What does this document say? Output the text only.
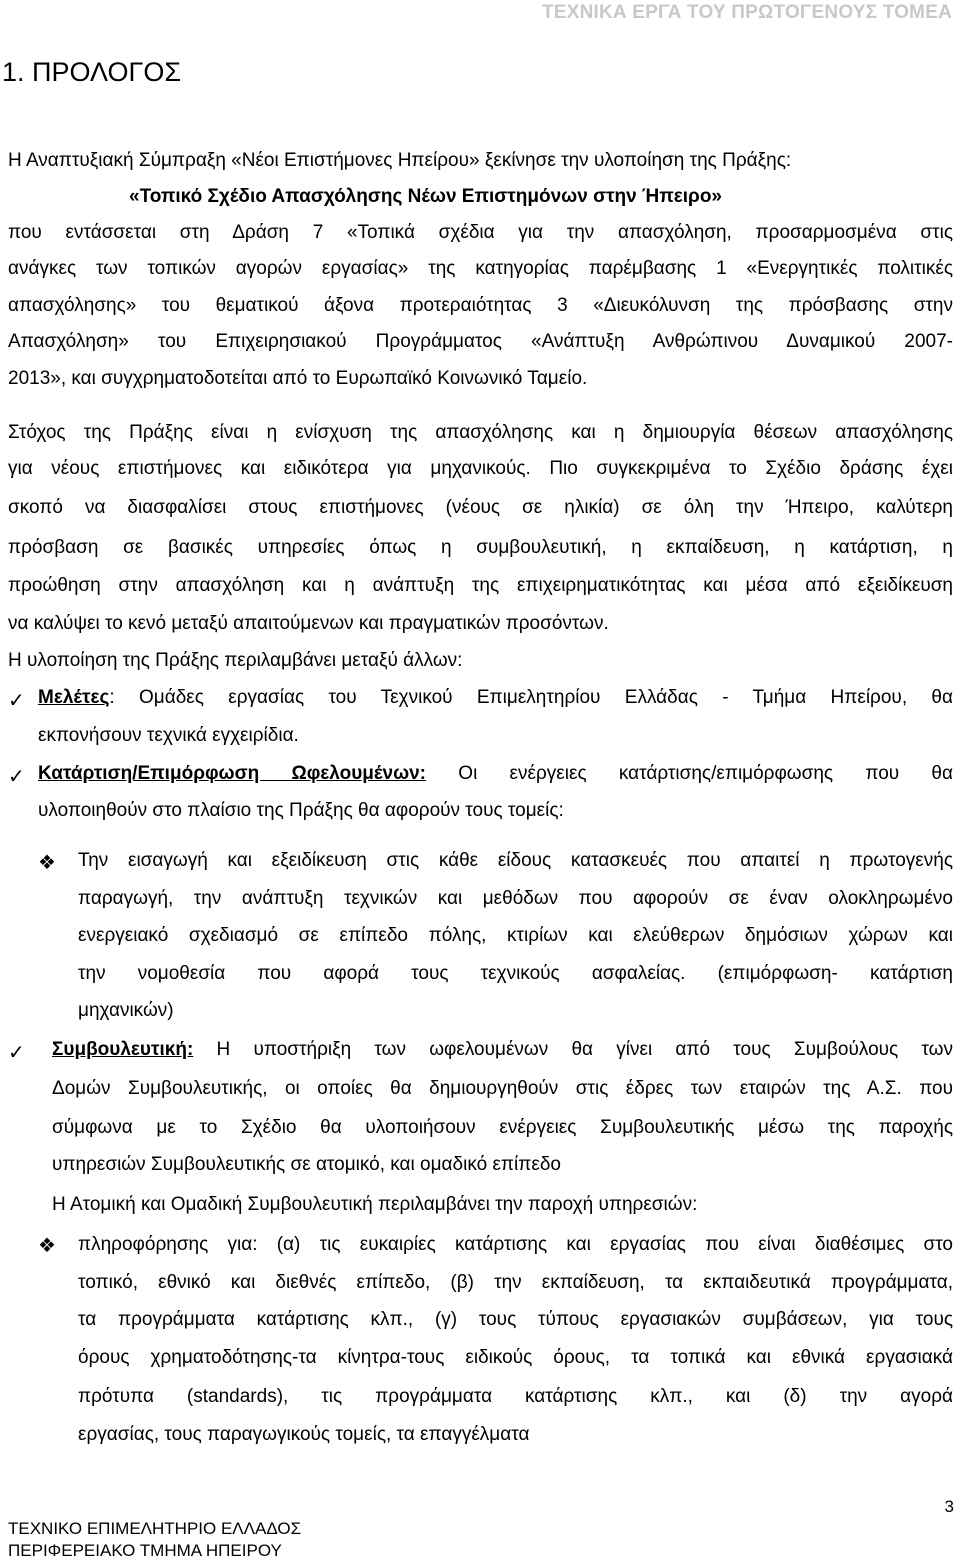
ΤΕΧΝΙΚΑ ΕΡΓΑ ΤΟΥ ΠΡΩΤΟΓΕΝΟΥΣ ΤΟΜΕΑ
1. ΠΡΟΛΟΓΟΣ
Η Αναπτυξιακή Σύμπραξη «Νέοι Επιστήμονες Ηπείρου» ξεκίνησε την υλοποίηση της Πράξης:
«Τοπικό Σχέδιο Απασχόλησης Νέων Επιστημόνων στην Ήπειρο»
που εντάσσεται στη Δράση 7 «Τοπικά σχέδια για την απασχόληση, προσαρμοσμένα στις
ανάγκες των τοπικών αγορών εργασίας» της κατηγορίας παρέμβασης 1 «Ενεργητικές πολιτικές
απασχόλησης» του θεματικού άξονα προτεραιότητας 3 «Διευκόλυνση της πρόσβασης στην
Απασχόληση» του Επιχειρησιακού Προγράμματος «Ανάπτυξη Ανθρώπινου Δυναμικού 2007-
2013», και συγχρηματοδοτείται από το Ευρωπαϊκό Κοινωνικό Ταμείο.
Στόχος της Πράξης είναι η ενίσχυση της απασχόλησης και η δημιουργία θέσεων απασχόλησης
για νέους επιστήμονες και ειδικότερα για μηχανικούς. Πιο συγκεκριμένα το Σχέδιο δράσης έχει
σκοπό να διασφαλίσει στους επιστήμονες (νέους σε ηλικία) σε όλη την Ήπειρο, καλύτερη
πρόσβαση σε βασικές υπηρεσίες όπως η συμβουλευτική, η εκπαίδευση, η κατάρτιση, η
προώθηση στην απασχόληση και η ανάπτυξη της επιχειρηματικότητας και μέσα από εξειδίκευση
να καλύψει το κενό μεταξύ απαιτούμενων και πραγματικών προσόντων.
Η υλοποίηση της Πράξης περιλαμβάνει μεταξύ άλλων:
✓ Μελέτες: Ομάδες εργασίας του Τεχνικού Επιμελητηρίου Ελλάδας - Τμήμα Ηπείρου, θα
εκπονήσουν τεχνικά εγχειρίδια.
✓ Κατάρτιση/Επιμόρφωση Ωφελουμένων: Οι ενέργειες κατάρτισης/επιμόρφωσης που θα
υλοποιηθούν στο πλαίσιο της Πράξης θα αφορούν τους τομείς:
❖ Την εισαγωγή και εξειδίκευση στις κάθε είδους κατασκευές που απαιτεί η πρωτογενής
παραγωγή, την ανάπτυξη τεχνικών και μεθόδων που αφορούν σε έναν ολοκληρωμένο
ενεργειακό σχεδιασμό σε επίπεδο πόλης, κτιρίων και ελεύθερων δημόσιων χώρων και
την νομοθεσία που αφορά τους τεχνικούς ασφαλείας. (επιμόρφωση- κατάρτιση
μηχανικών)
✓ Συμβουλευτική: Η υποστήριξη των ωφελουμένων θα γίνει από τους Συμβούλους των
Δομών Συμβουλευτικής, οι οποίες θα δημιουργηθούν στις έδρες των εταιρών της Α.Σ. που
σύμφωνα με το Σχέδιο θα υλοποιήσουν ενέργειες Συμβουλευτικής μέσω της παροχής
υπηρεσιών Συμβουλευτικής σε ατομικό, και ομαδικό επίπεδο
Η Ατομική και Ομαδική Συμβουλευτική περιλαμβάνει την παροχή υπηρεσιών:
❖ πληροφόρησης για: (α) τις ευκαιρίες κατάρτισης και εργασίας που είναι διαθέσιμες στο
τοπικό, εθνικό και διεθνές επίπεδο, (β) την εκπαίδευση, τα εκπαιδευτικά προγράμματα,
τα προγράμματα κατάρτισης κλπ., (γ) τους τύπους εργασιακών συμβάσεων, για τους
όρους χρηματοδότησης-τα κίνητρα-τους ειδικούς όρους, τα τοπικά και εθνικά εργασιακά
πρότυπα (standards), τις προγράμματα κατάρτισης κλπ., και (δ) την αγορά
εργασίας, τους παραγωγικούς τομείς, τα επαγγέλματα
3
ΤΕΧΝΙΚΟ ΕΠΙΜΕΛΗΤΗΡΙΟ ΕΛΛΑΔΟΣ
ΠΕΡΙΦΕΡΕΙΑΚΟ ΤΜΗΜΑ ΗΠΕΙΡΟΥ
